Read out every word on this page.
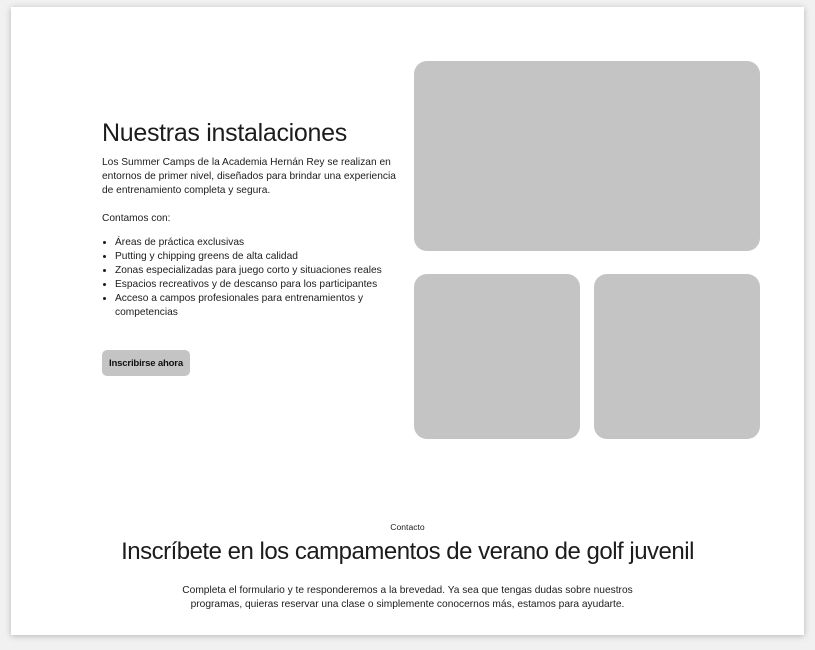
Nuestras instalaciones

Los Summer Camps de la Academia Hernán Rey se realizan en entornos de primer nivel, diseñados para brindar una experiencia de entrenamiento completa y segura.

Contamos con:

• Áreas de práctica exclusivas
• Putting y chipping greens de alta calidad
• Zonas especializadas para juego corto y situaciones reales
• Espacios recreativos y de descanso para los participantes
• Acceso a campos profesionales para entrenamientos y competencias
Inscribirse ahora

Contacto

Inscríbete en los campamentos de verano de golf juvenil

Completa el formulario y te responderemos a la brevedad. Ya sea que tengas dudas sobre nuestros programas, quieras reservar una clase o simplemente conocernos más, estamos para ayudarte.
